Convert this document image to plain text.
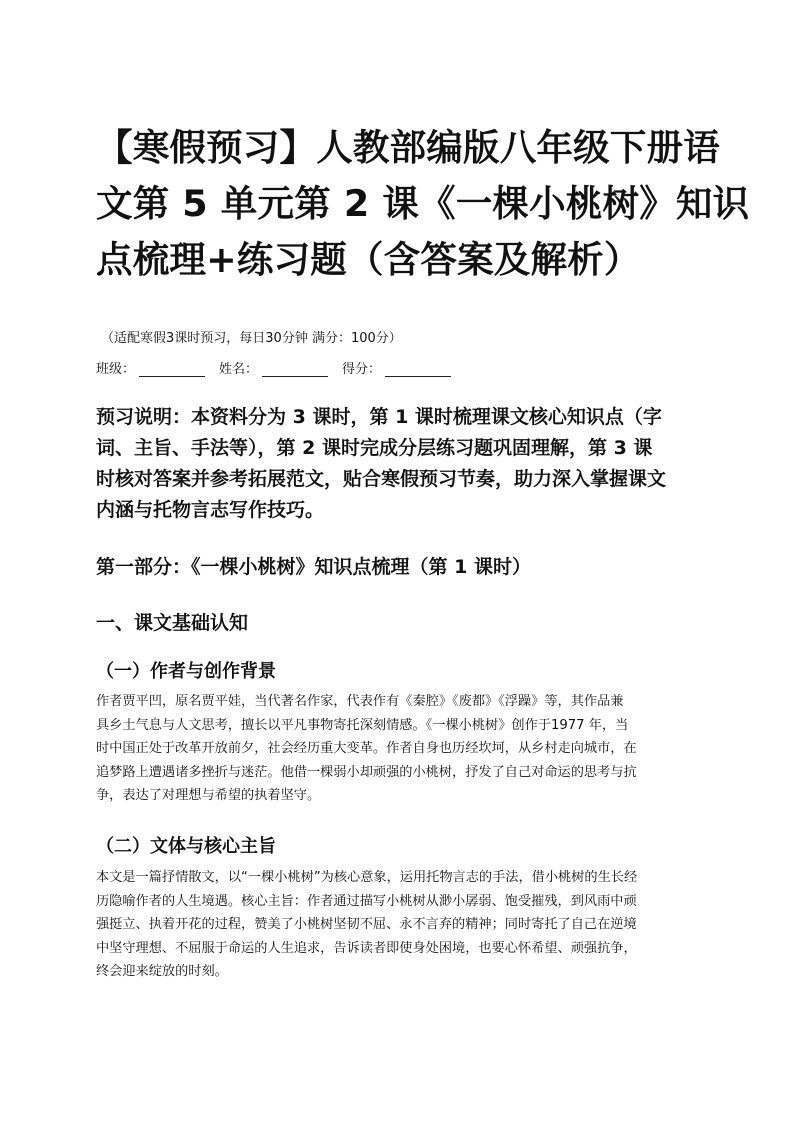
【寒假预习】人教部编版八年级下册语
文第 5 单元第 2 课《一棵小桃树》知识
点梳理+练习题（含答案及解析）
（适配寒假3课时预习，每日30分钟 满分：100分）
班级：	姓名：	得分：
预习说明：本资料分为 3 课时，第 1 课时梳理课文核心知识点（字
词、主旨、手法等），第 2 课时完成分层练习题巩固理解，第 3 课
时核对答案并参考拓展范文，贴合寒假预习节奏，助力深入掌握课文
内涵与托物言志写作技巧。
第一部分：《一棵小桃树》知识点梳理（第 1 课时）
一、课文基础认知
（一）作者与创作背景
作者贾平凹，原名贾平娃，当代著名作家，代表作有《秦腔》《废都》《浮躁》等，其作品兼
具乡土气息与人文思考，擅长以平凡事物寄托深刻情感。《一棵小桃树》创作于1977 年，当
时中国正处于改革开放前夕，社会经历重大变革。作者自身也历经坎坷，从乡村走向城市，在
追梦路上遭遇诸多挫折与迷茫。他借一棵弱小却顽强的小桃树，抒发了自己对命运的思考与抗
争，表达了对理想与希望的执着坚守。
（二）文体与核心主旨
本文是一篇抒情散文，以“一棵小桃树”为核心意象，运用托物言志的手法，借小桃树的生长经
历隐喻作者的人生境遇。核心主旨：作者通过描写小桃树从渺小孱弱、饱受摧残，到风雨中顽
强挺立、执着开花的过程，赞美了小桃树坚韧不屈、永不言弃的精神；同时寄托了自己在逆境
中坚守理想、不屈服于命运的人生追求，告诉读者即使身处困境，也要心怀希望、顽强抗争，
终会迎来绽放的时刻。
